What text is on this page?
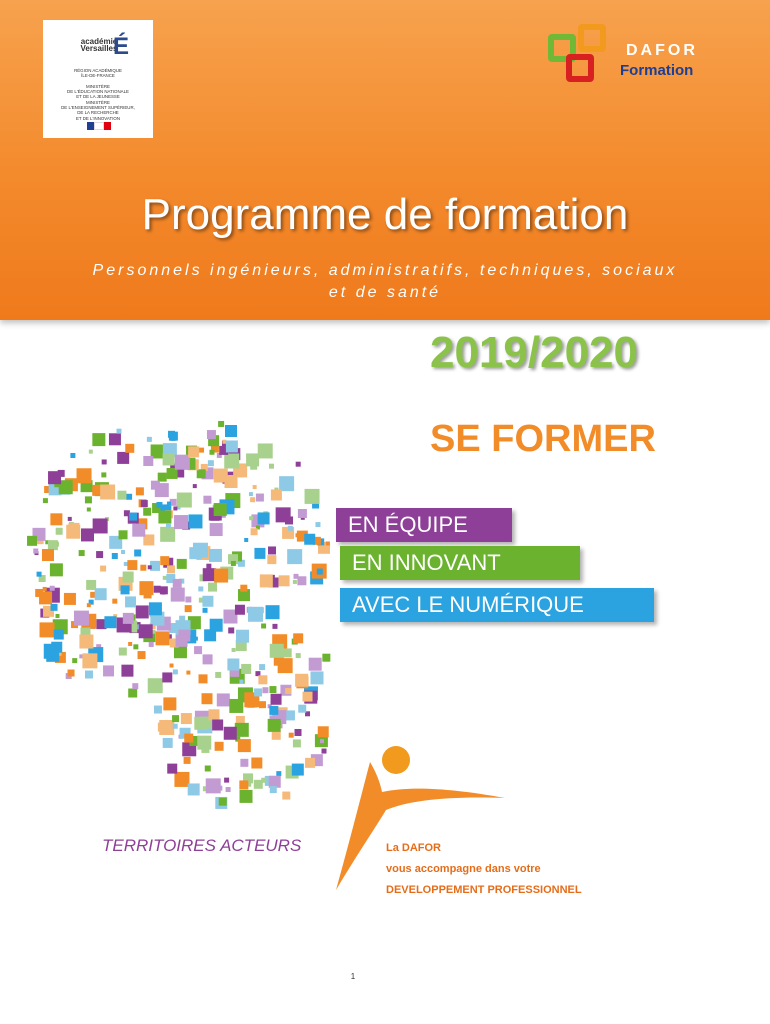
académie
Versailles
É
RÉGION ACADÉMIQUE
ÎLE-DE-FRANCE

MINISTÈRE
DE L'ÉDUCATION NATIONALE
ET DE LA JEUNESSE
MINISTÈRE
DE L'ENSEIGNEMENT SUPÉRIEUR,
DE LA RECHERCHE
ET DE L'INNOVATION
DAFOR
Formation
Programme de formation
Personnels ingénieurs, administratifs, techniques, sociaux
et de santé
2019/2020
SE FORMER
EN ÉQUIPE
EN INNOVANT
AVEC LE NUMÉRIQUE
TERRITOIRES ACTEURS	La DAFOR
vous accompagne dans votre
DEVELOPPEMENT PROFESSIONNEL
1
